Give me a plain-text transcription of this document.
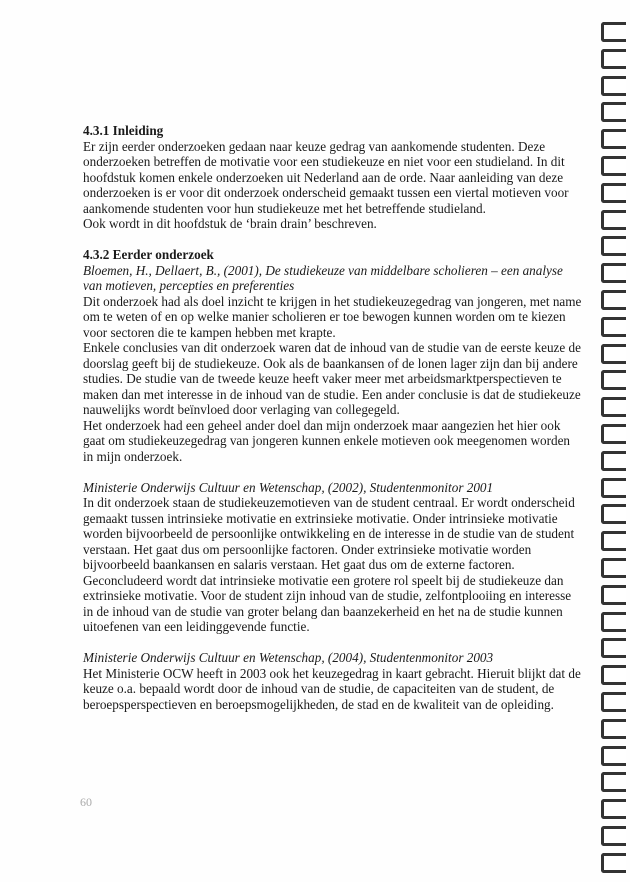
4.3.1 Inleiding
Er zijn eerder onderzoeken gedaan naar keuze gedrag van aankomende studenten. Deze
onderzoeken betreffen de motivatie voor een studiekeuze en niet voor een studieland. In dit
hoofdstuk komen enkele onderzoeken uit Nederland aan de orde. Naar aanleiding van deze
onderzoeken is er voor dit onderzoek onderscheid gemaakt tussen een viertal motieven voor
aankomende studenten voor hun studiekeuze met het betreffende studieland.
Ook wordt in dit hoofdstuk de ‘brain drain’ beschreven.
4.3.2 Eerder onderzoek
Bloemen, H., Dellaert, B., (2001), De studiekeuze van middelbare scholieren – een analyse
van motieven, percepties en preferenties
Dit onderzoek had als doel inzicht te krijgen in het studiekeuzegedrag van jongeren, met name
om te weten of en op welke manier scholieren er toe bewogen kunnen worden om te kiezen
voor sectoren die te kampen hebben met krapte.
Enkele conclusies van dit onderzoek waren dat de inhoud van de studie van de eerste keuze de
doorslag geeft bij de studiekeuze. Ook als de baankansen of de lonen lager zijn dan bij andere
studies. De studie van de tweede keuze heeft vaker meer met arbeidsmarktperspectieven te
maken dan met interesse in de inhoud van de studie. Een ander conclusie is dat de studiekeuze
nauwelijks wordt beïnvloed door verlaging van collegegeld.
Het onderzoek had een geheel ander doel dan mijn onderzoek maar aangezien het hier ook
gaat om studiekeuzegedrag van jongeren kunnen enkele motieven ook meegenomen worden
in mijn onderzoek.
Ministerie Onderwijs Cultuur en Wetenschap, (2002), Studentenmonitor 2001
In dit onderzoek staan de studiekeuzemotieven van de student centraal. Er wordt onderscheid
gemaakt tussen intrinsieke motivatie en extrinsieke motivatie. Onder intrinsieke motivatie
worden bijvoorbeeld de persoonlijke ontwikkeling en de interesse in de studie van de student
verstaan. Het gaat dus om persoonlijke factoren. Onder extrinsieke motivatie worden
bijvoorbeeld baankansen en salaris verstaan. Het gaat dus om de externe factoren.
Geconcludeerd wordt dat intrinsieke motivatie een grotere rol speelt bij de studiekeuze dan
extrinsieke motivatie. Voor de student zijn inhoud van de studie, zelfontplooiing en interesse
in de inhoud van de studie van groter belang dan baanzekerheid en het na de studie kunnen
uitoefenen van een leidinggevende functie.
Ministerie Onderwijs Cultuur en Wetenschap, (2004), Studentenmonitor 2003
Het Ministerie OCW heeft in 2003 ook het keuzegedrag in kaart gebracht. Hieruit blijkt dat de
keuze o.a. bepaald wordt door de inhoud van de studie, de capaciteiten van de student, de
beroepsperspectieven en beroepsmogelijkheden, de stad en de kwaliteit van de opleiding.
60
